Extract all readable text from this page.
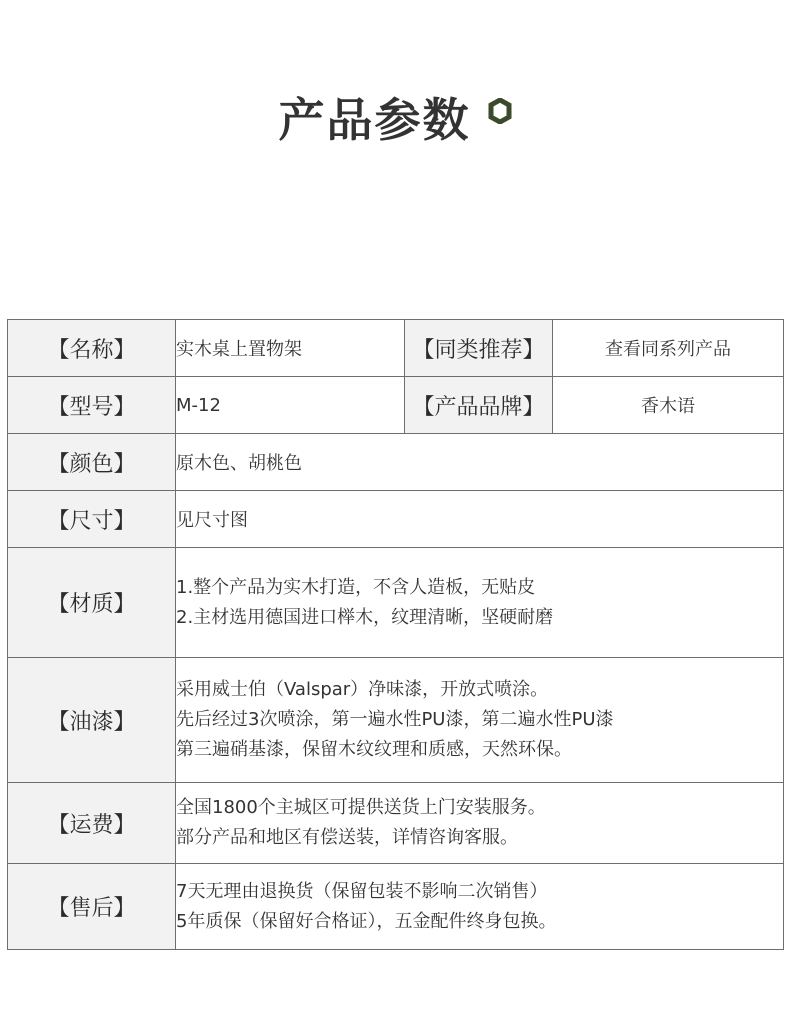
产品参数
【名称】	实木桌上置物架	【同类推荐】	查看同系列产品
【型号】	M-12	【产品品牌】	香木语
【颜色】	原木色、胡桃色		
【尺寸】	见尺寸图		
【材质】	1.整个产品为实木打造，不含人造板，无贴皮
2.主材选用德国进口榉木，纹理清晰，坚硬耐磨		

【油漆】	采用威士伯（Valspar）净味漆，开放式喷涂。
先后经过3次喷涂，第一遍水性PU漆，第二遍水性PU漆
第三遍硝基漆，保留木纹纹理和质感，天然环保。		

【运费】	全国1800个主城区可提供送货上门安装服务。
部分产品和地区有偿送装，详情咨询客服。		

【售后】	7天无理由退换货（保留包装不影响二次销售）
5年质保（保留好合格证），五金配件终身包换。		
